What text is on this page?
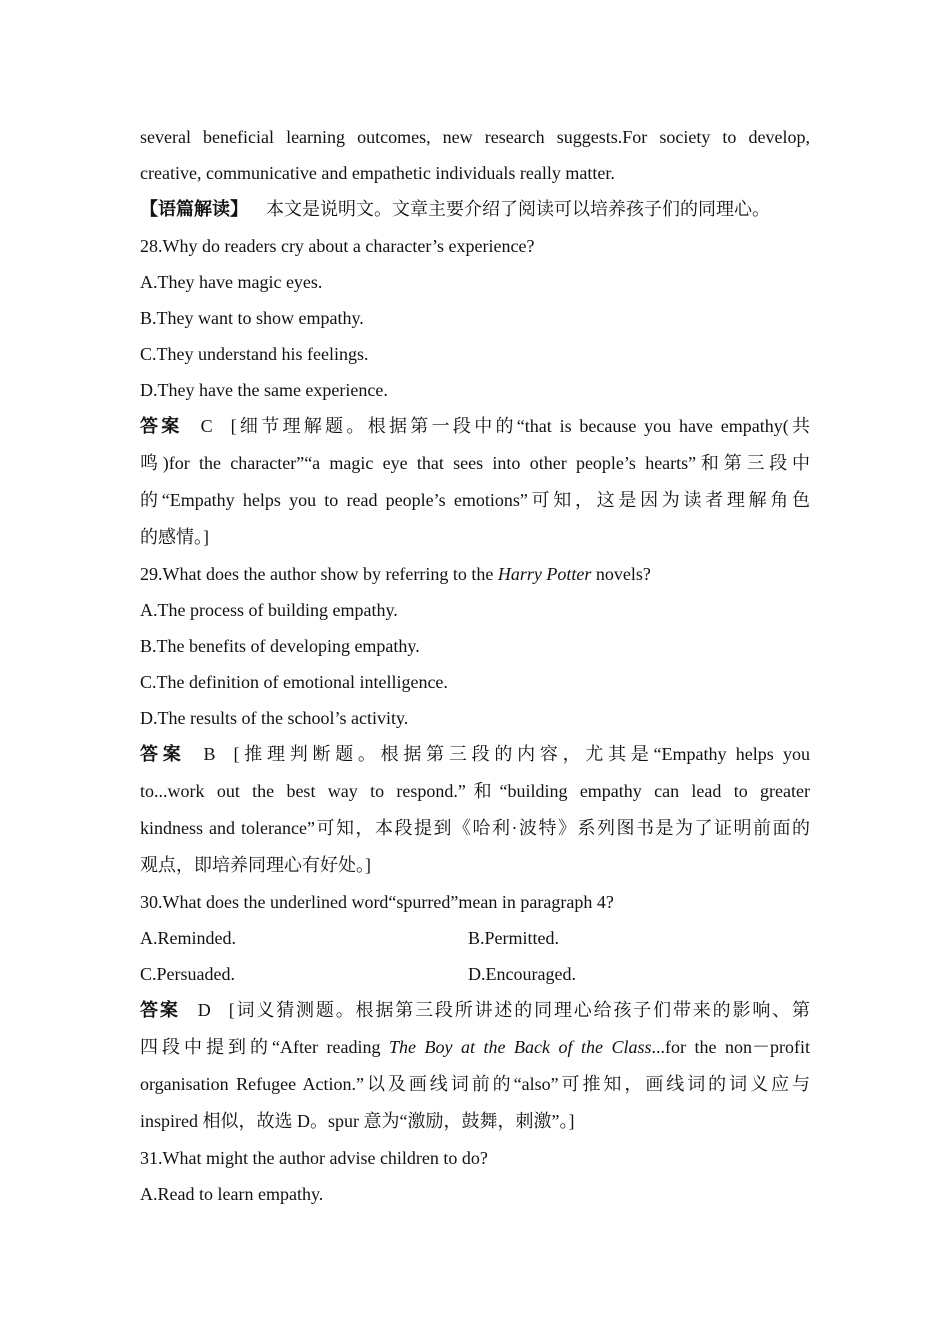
several beneficial learning outcomes, new research suggests.For society to develop,
creative, communicative and empathetic individuals really matter.
【语篇解读】 本文是说明文。文章主要介绍了阅读可以培养孩子们的同理心。
28.Why do readers cry about a character’s experience?
A.They have magic eyes.
B.They want to show empathy.
C.They understand his feelings.
D.They have the same experience.
答案 C [细节理解题。根据第一段中的“that is because you have empathy(共
鸣)for the character”“a magic eye that sees into other people’s hearts”和第三段中
的“Empathy helps you to read people’s emotions”可知，这是因为读者理解角色
的感情。]
29.What does the author show by referring to the Harry Potter novels?
A.The process of building empathy.
B.The benefits of developing empathy.
C.The definition of emotional intelligence.
D.The results of the school’s activity.
答案 B [推理判断题。根据第三段的内容，尤其是“Empathy helps you
to...work out the best way to respond.”和“building empathy can lead to greater
kindness and tolerance”可知，本段提到《哈利·波特》系列图书是为了证明前面的
观点，即培养同理心有好处。]
30.What does the underlined word“spurred”mean in paragraph 4?
A.Reminded.	B.Permitted.
C.Persuaded.	D.Encouraged.
答案 D [词义猜测题。根据第三段所讲述的同理心给孩子们带来的影响、第
四段中提到的“After reading The Boy at the Back of the Class...for the non－profit
organisation Refugee Action.”以及画线词前的“also”可推知，画线词的词义应与
inspired 相似，故选 D。spur 意为“激励，鼓舞，刺激”。]
31.What might the author advise children to do?
A.Read to learn empathy.
